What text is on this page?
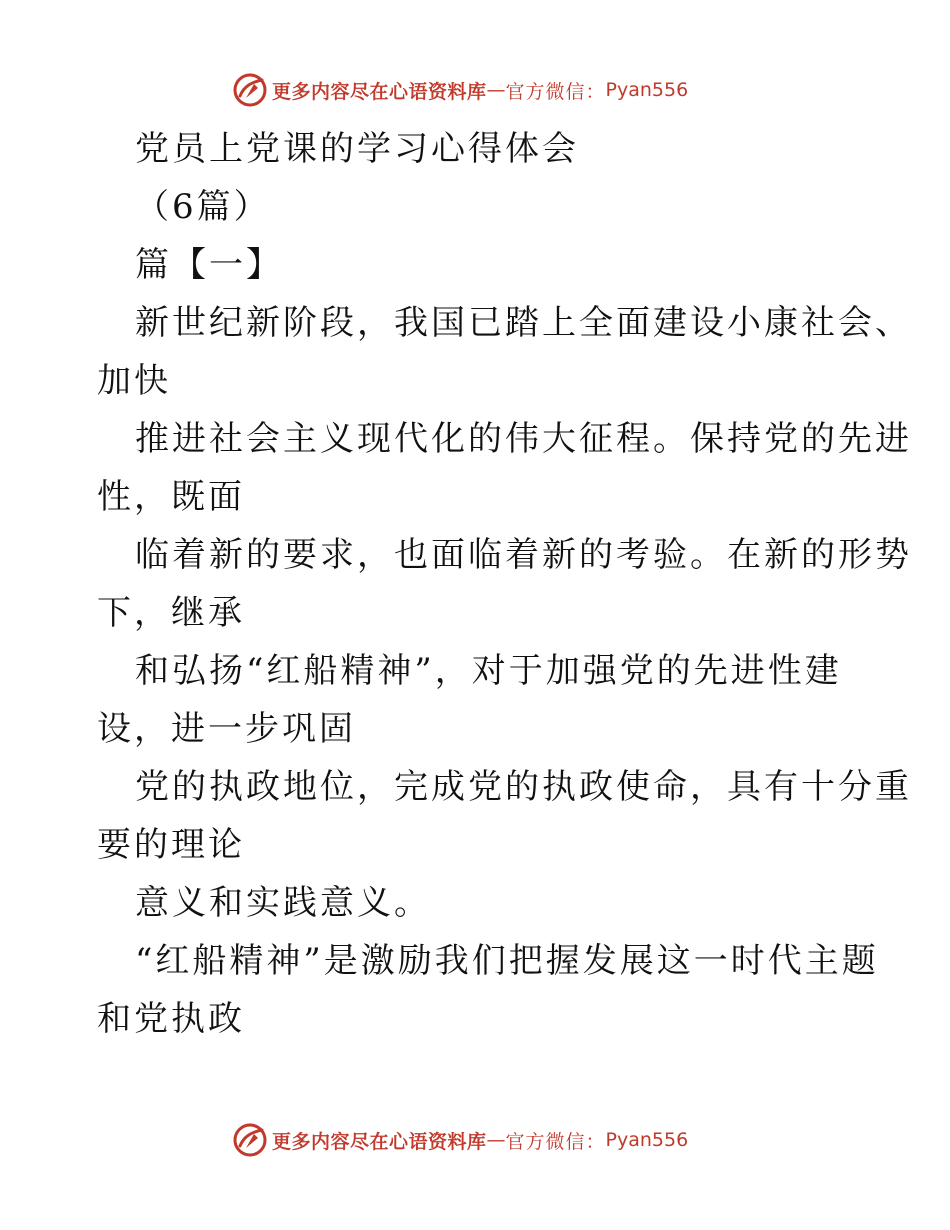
更多内容尽在心语资料库 — 官方微信： Pyan556
党员上党课的学习心得体会
（6篇）
篇【一】
新世纪新阶段，我国已踏上全面建设小康社会、
加快
推进社会主义现代化的伟大征程。保持党的先进
性，既面
临着新的要求，也面临着新的考验。在新的形势
下，继承
和弘扬“红船精神”，对于加强党的先进性建
设，进一步巩固
党的执政地位，完成党的执政使命，具有十分重
要的理论
意义和实践意义。
“红船精神”是激励我们把握发展这一时代主题
和党执政
更多内容尽在心语资料库 — 官方微信： Pyan556
